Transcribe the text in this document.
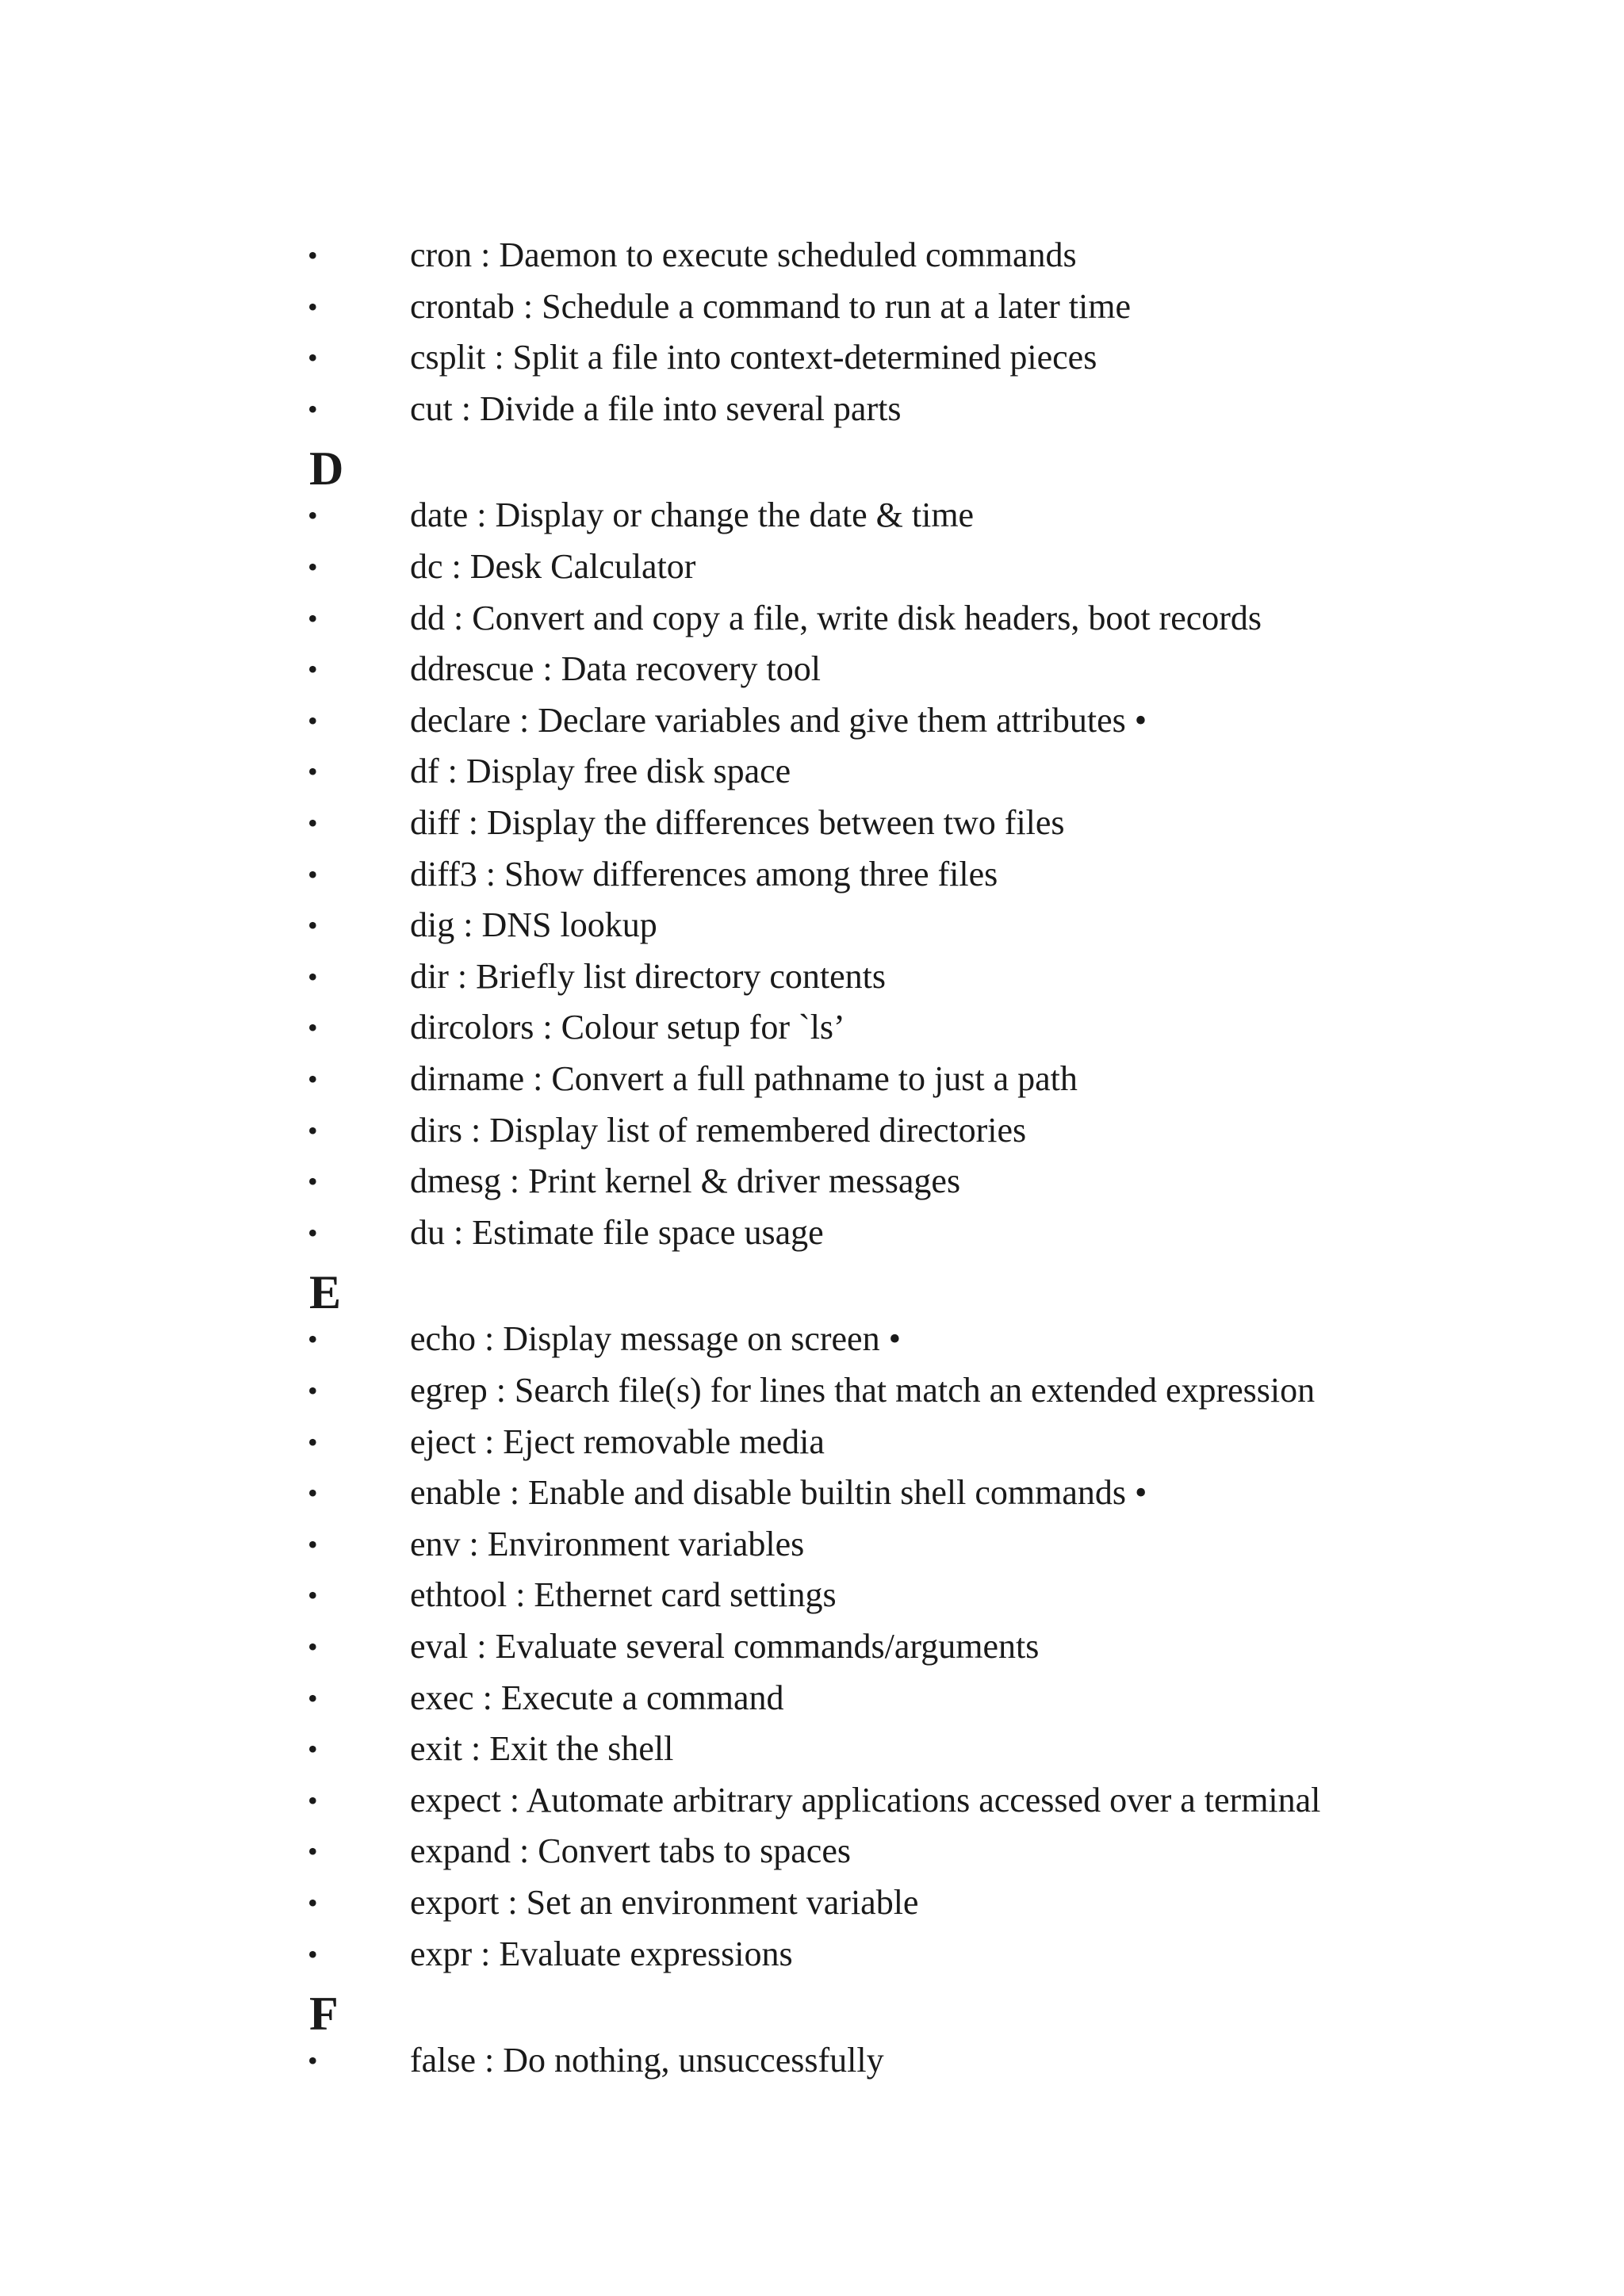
•	cron : Daemon to execute scheduled commands
•	crontab : Schedule a command to run at a later time
•	csplit : Split a file into context-determined pieces
•	cut : Divide a file into several parts
D
•	date : Display or change the date & time
•	dc : Desk Calculator
•	dd : Convert and copy a file, write disk headers, boot records
•	ddrescue : Data recovery tool
•	declare : Declare variables and give them attributes •
•	df : Display free disk space
•	diff : Display the differences between two files
•	diff3 : Show differences among three files
•	dig : DNS lookup
•	dir : Briefly list directory contents
•	dircolors : Colour setup for `ls’
•	dirname : Convert a full pathname to just a path
•	dirs : Display list of remembered directories
•	dmesg : Print kernel & driver messages
•	du : Estimate file space usage
E
•	echo : Display message on screen •
•	egrep : Search file(s) for lines that match an extended expression
•	eject : Eject removable media
•	enable : Enable and disable builtin shell commands •
•	env : Environment variables
•	ethtool : Ethernet card settings
•	eval : Evaluate several commands/arguments
•	exec : Execute a command
•	exit : Exit the shell
•	expect : Automate arbitrary applications accessed over a terminal
•	expand : Convert tabs to spaces
•	export : Set an environment variable
•	expr : Evaluate expressions
F
•	false : Do nothing, unsuccessfully
